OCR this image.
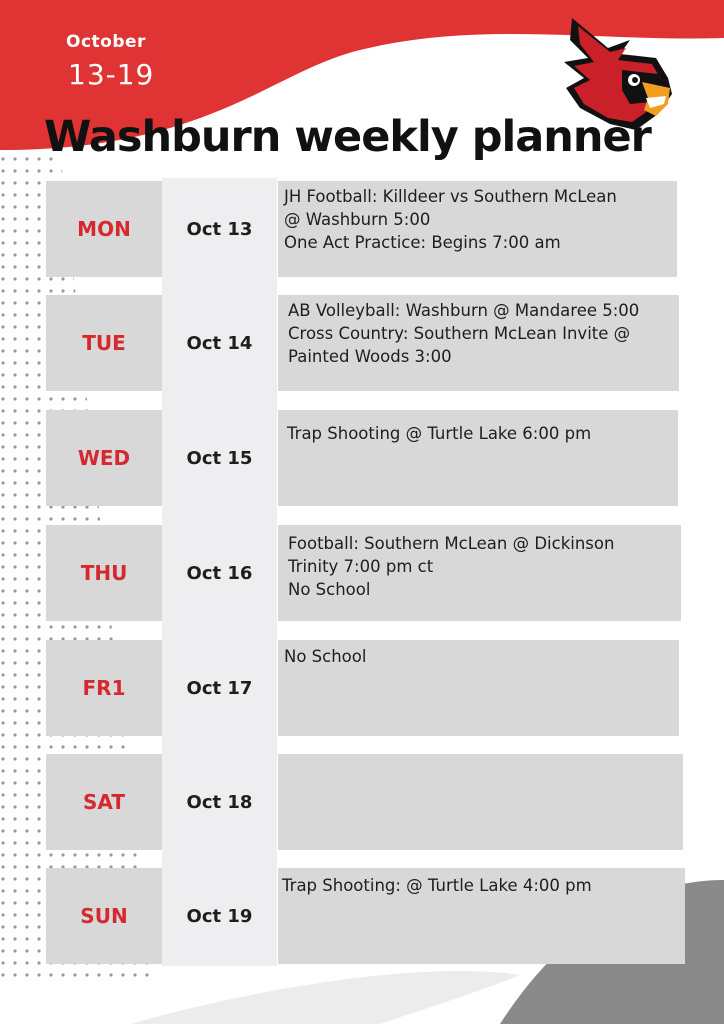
October
13-19
Washburn weekly planner
MON	Oct 13
JH Football: Killdeer vs Southern McLean
@ Washburn 5:00
One Act Practice: Begins 7:00 am
TUE	Oct 14
AB Volleyball: Washburn @ Mandaree 5:00
Cross Country: Southern McLean Invite @
Painted Woods 3:00
WED	Oct 15
Trap Shooting @ Turtle Lake 6:00 pm
THU	Oct 16
Football: Southern McLean @ Dickinson
Trinity 7:00 pm ct
No School
FR1	Oct 17
No School
SAT	Oct 18
SUN	Oct 19
Trap Shooting: @ Turtle Lake 4:00 pm
